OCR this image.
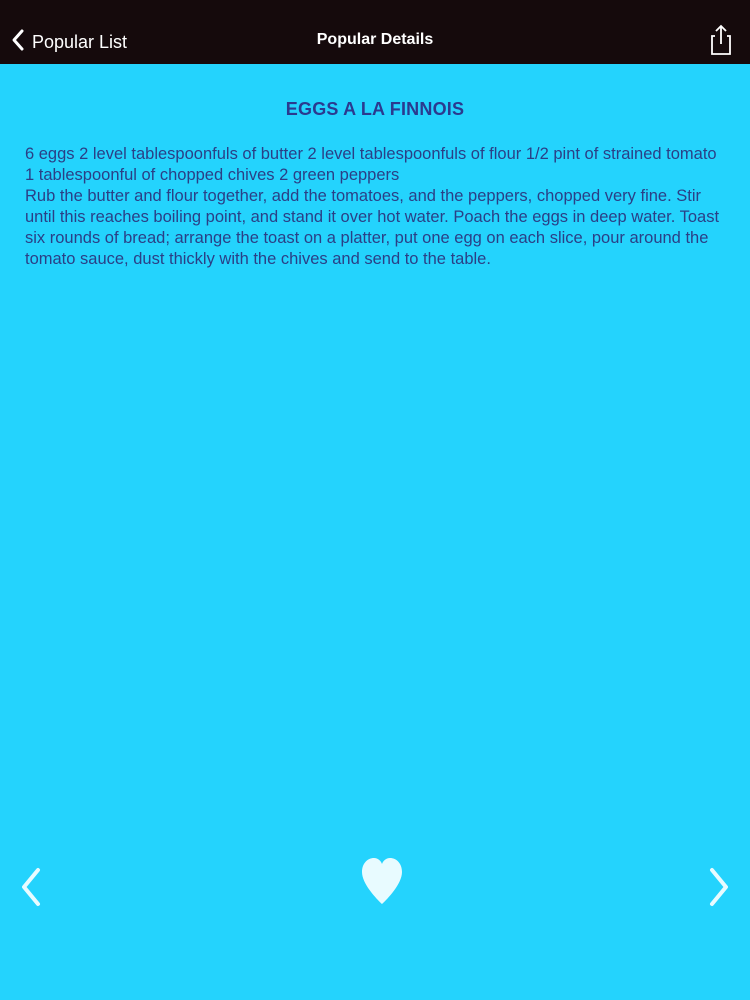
Popular List	Popular Details
EGGS A LA FINNOIS

6 eggs 2 level tablespoonfuls of butter 2 level tablespoonfuls of flour 1/2 pint of strained tomato 1 tablespoonful of chopped chives 2 green peppers

Rub the butter and flour together, add the tomatoes, and the peppers, chopped very fine. Stir until this reaches boiling point, and stand it over hot water. Poach the eggs in deep water. Toast six rounds of bread; arrange the toast on a platter, put one egg on each slice, pour around the tomato sauce, dust thickly with the chives and send to the table.
